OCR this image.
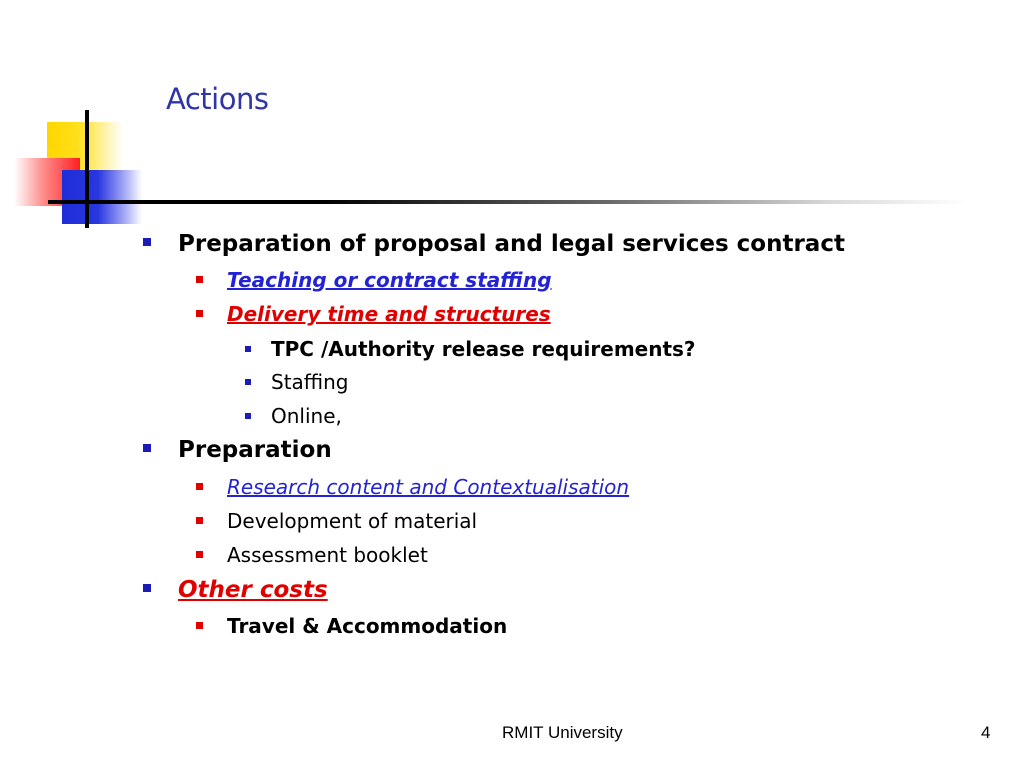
Actions
Preparation of proposal and legal services contract
Teaching or contract staffing
Delivery time and structures
TPC /Authority release requirements?
Staffing
Online,
Preparation
Research content and Contextualisation
Development of material
Assessment booklet
Other costs
Travel & Accommodation
RMIT University	4
